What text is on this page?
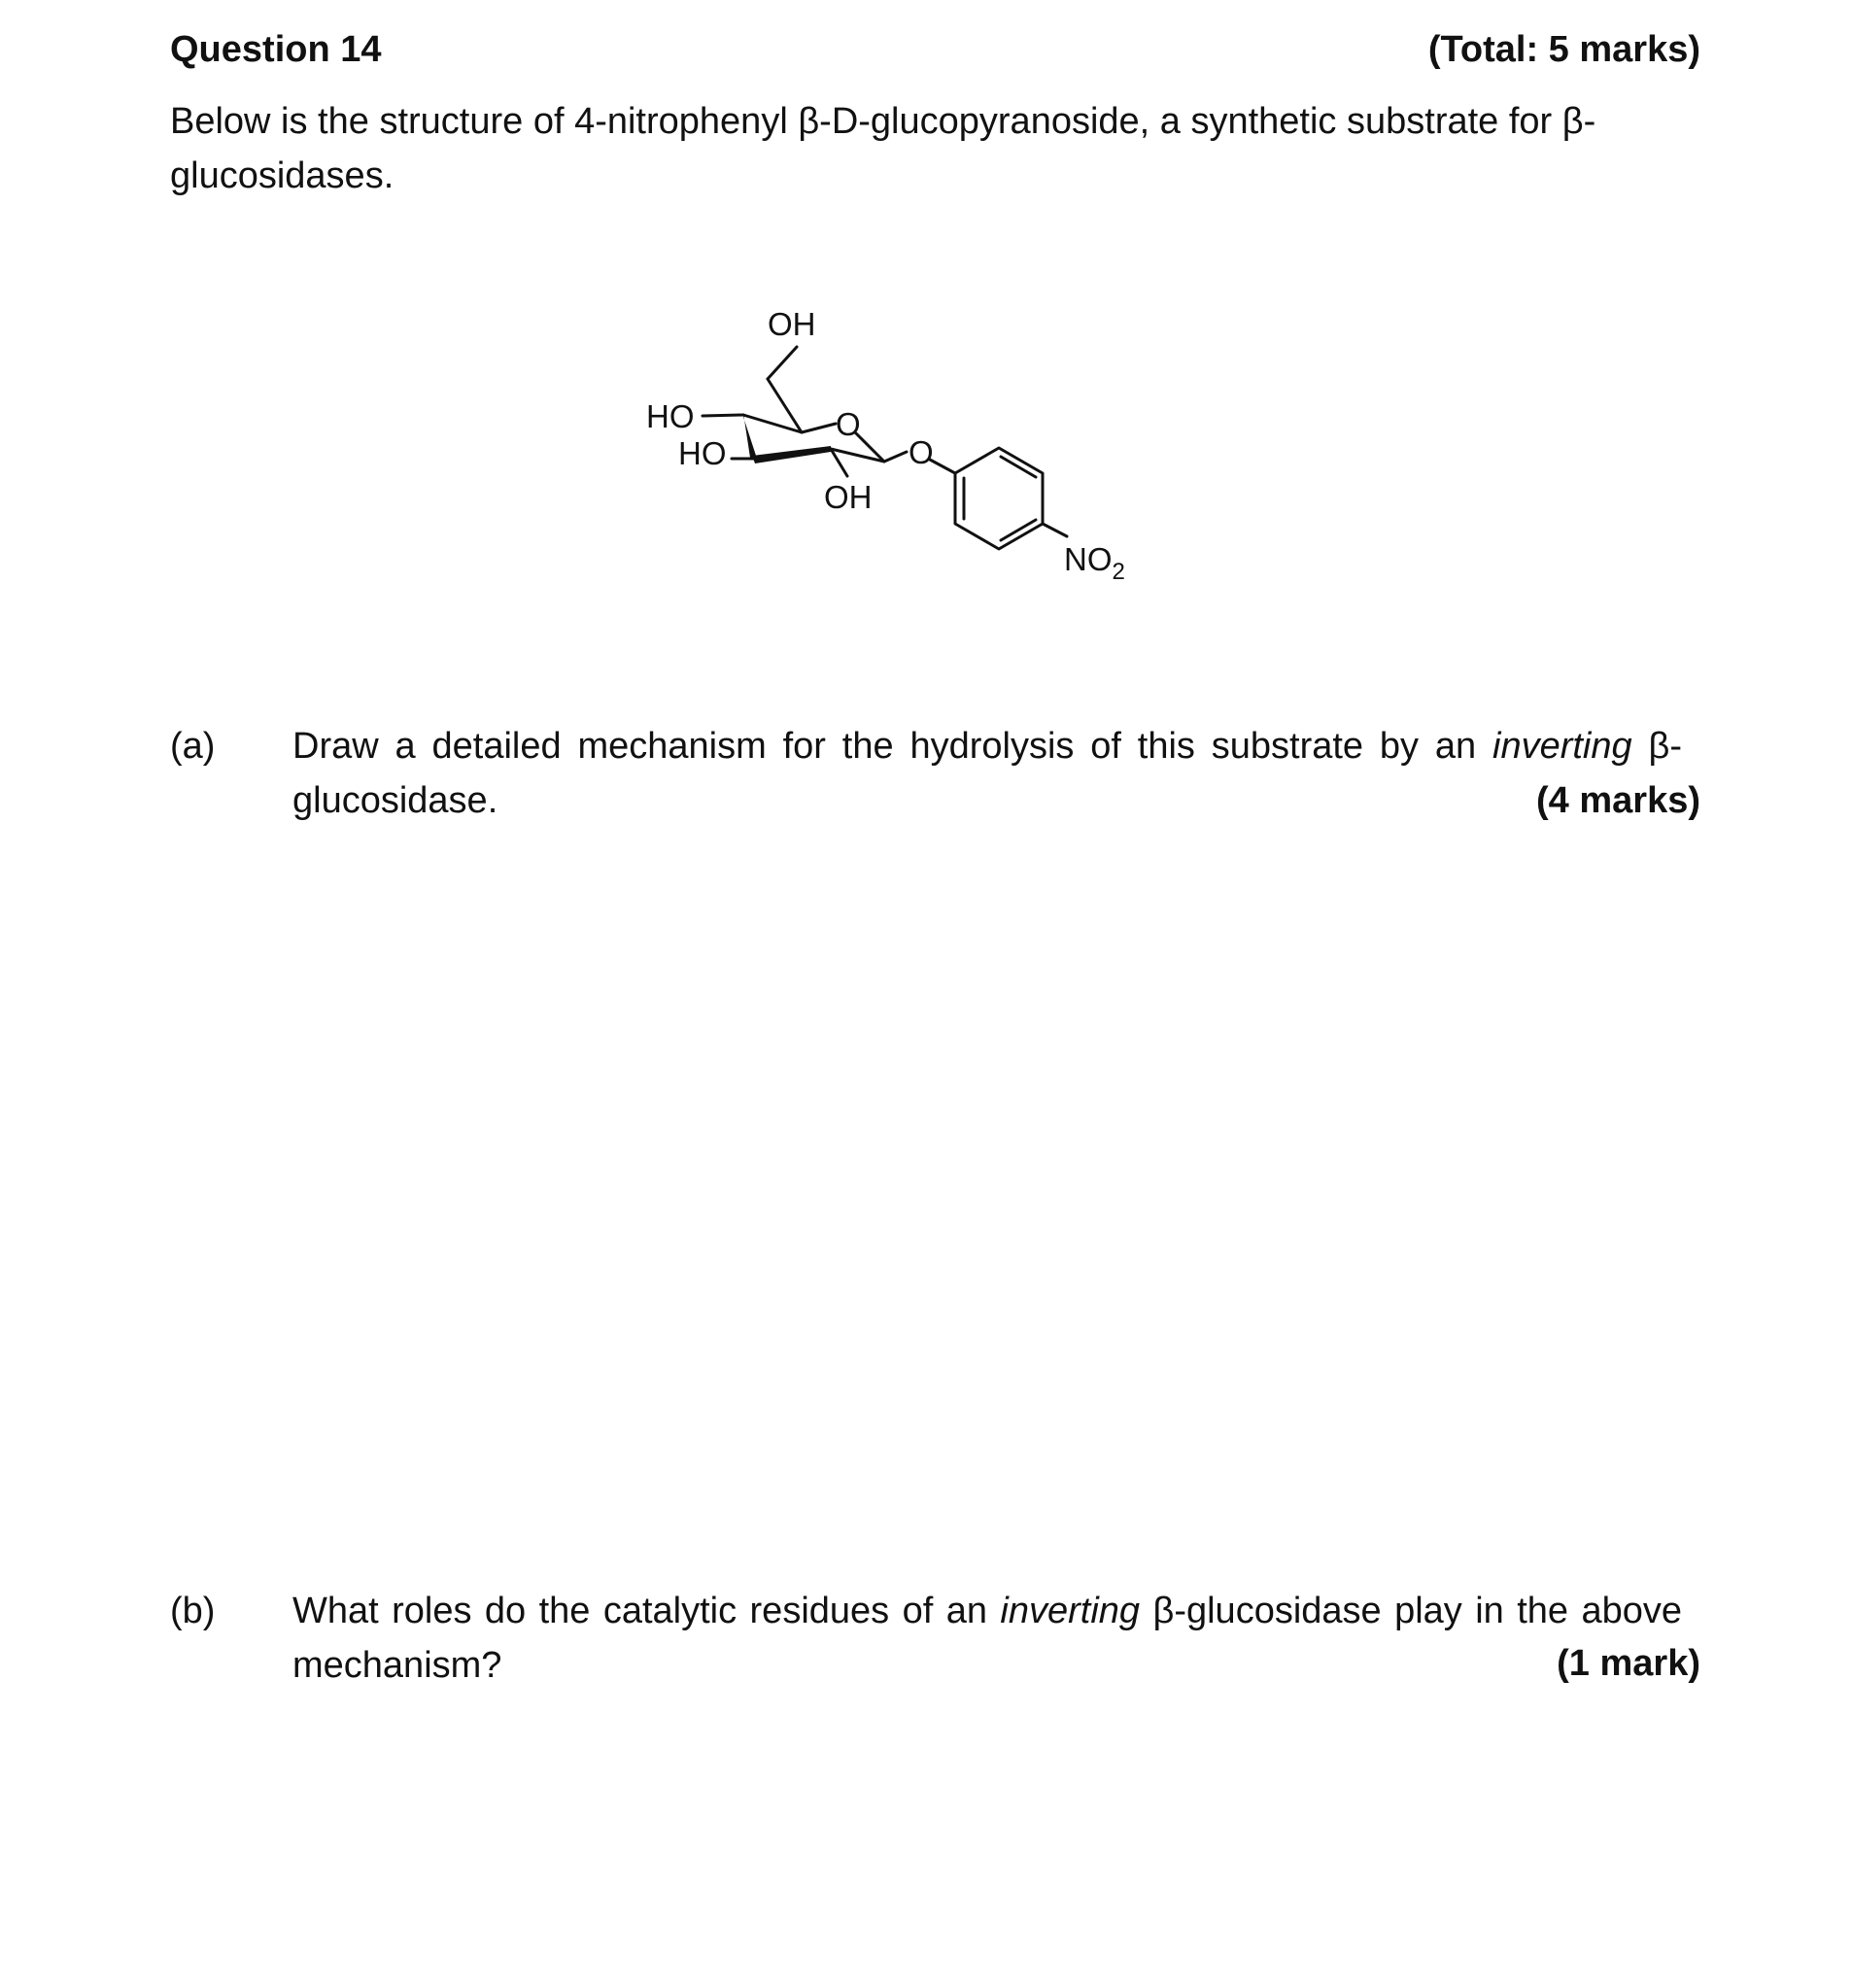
Question 14	(Total: 5 marks)
Below is the structure of 4-nitrophenyl β-D-glucopyranoside, a synthetic substrate for β-glucosidases.
OH
HO
HO
O
OH
O
$NO_2$
(a) Draw a detailed mechanism for the hydrolysis of this substrate by an inverting β-glucosidase.	(4 marks)
(b) What roles do the catalytic residues of an inverting β-glucosidase play in the above mechanism?	(1 mark)
